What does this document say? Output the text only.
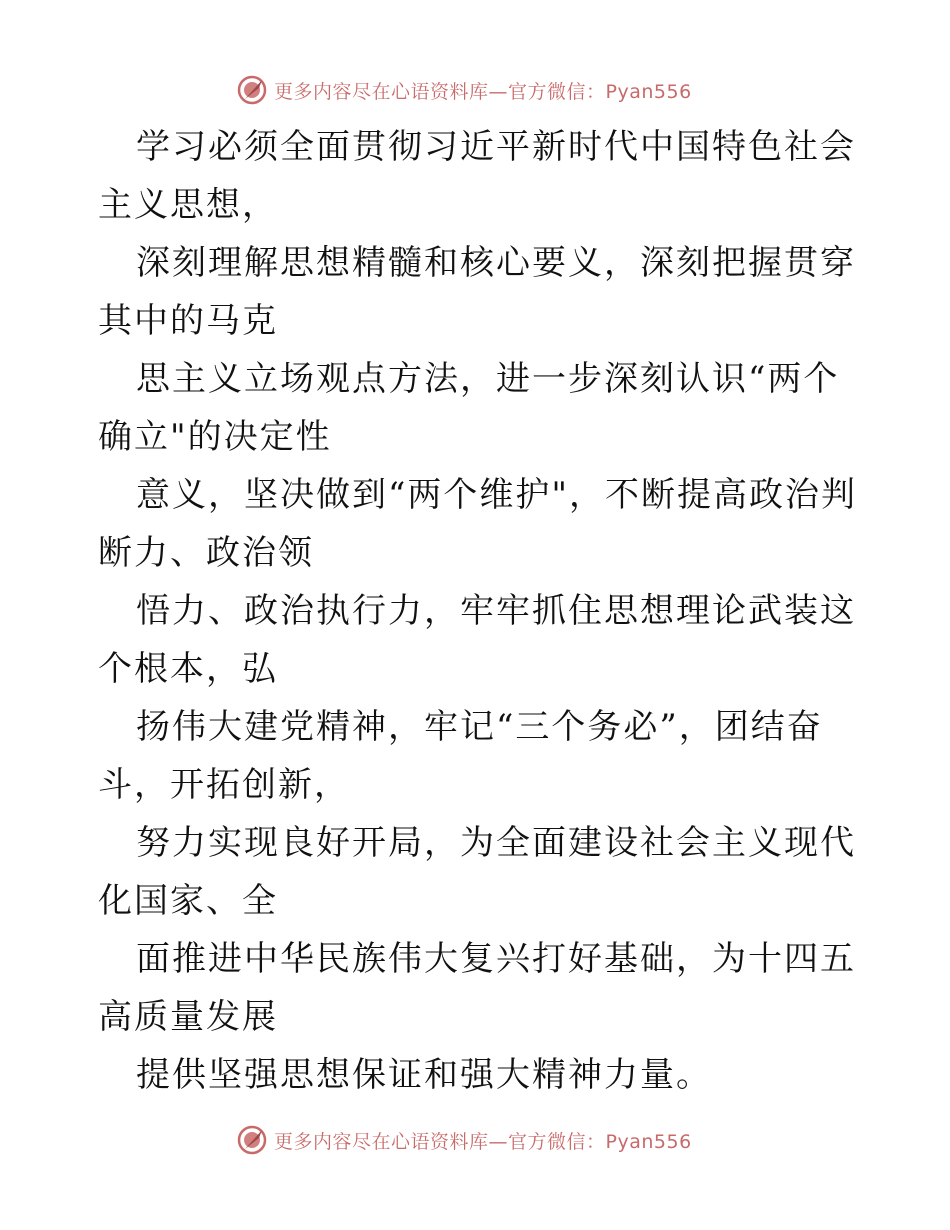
更多内容尽在心语资料库—官方微信：Pyan556

学习必须全面贯彻习近平新时代中国特色社会主义思想，

深刻理解思想精髓和核心要义，深刻把握贯穿其中的马克

思主义立场观点方法，进一步深刻认识“两个确立"的决定性

意义，坚决做到“两个维护"，不断提高政治判断力、政治领

悟力、政治执行力，牢牢抓住思想理论武装这个根本，弘

扬伟大建党精神，牢记“三个务必”，团结奋斗，开拓创新，

努力实现良好开局，为全面建设社会主义现代化国家、全

面推进中华民族伟大复兴打好基础，为十四五高质量发展

提供坚强思想保证和强大精神力量。

更多内容尽在心语资料库—官方微信：Pyan556
